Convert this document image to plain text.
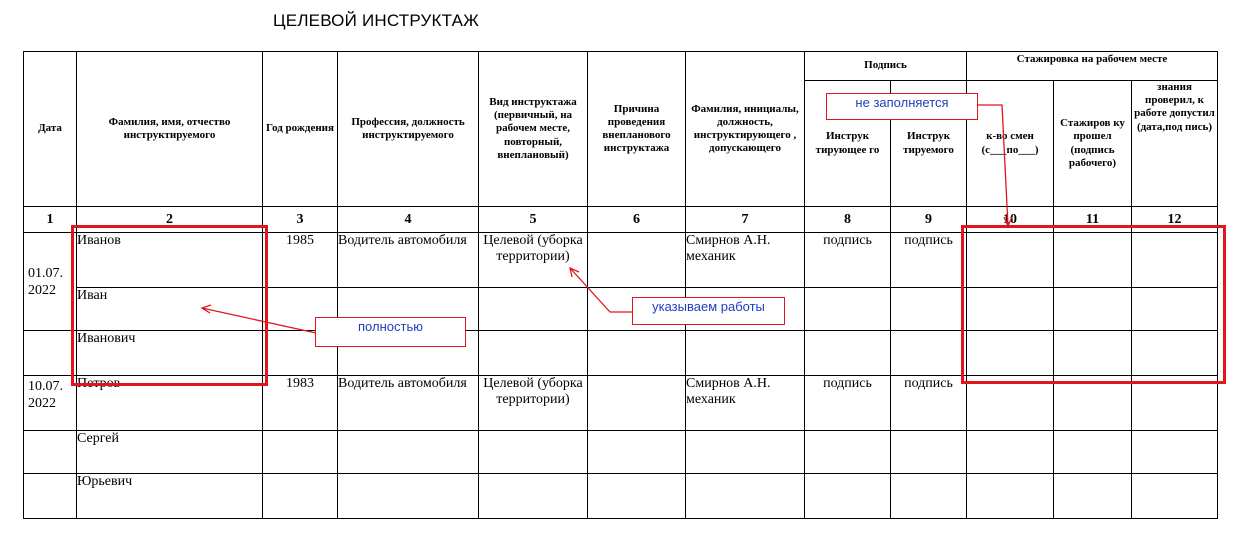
ЦЕЛЕВОЙ ИНСТРУКТАЖ
Дата	Фамилия, имя, отчество инструктируемого	Год рождения	Профессия, должность инструктируемого	Вид инструктажа (первичный, на рабочем месте, повторный, внеплановый)	Причина проведения внепланового инструктажа	Фамилия, инициалы, должность, инструктирующего , допускающего	Подпись		Стажировка на рабочем месте		
							Инструк тирующее го	Инструк тируемого	к-во смен (с___по___)	Стажиров ку прошел (подпись рабочего)	знания проверил, к работе допустил (дата,под пись)
1	2	3	4	5	6	7	8	9	10	11	12
01.07. 2022	Иванов	1985	Водитель автомобиля	Целевой (уборка территории)		Смирнов А.Н. механик	подпись	подпись			
	Иван										
	Иванович										
10.07. 2022	Петров	1983	Водитель автомобиля	Целевой (уборка территории)		Смирнов А.Н. механик	подпись	подпись			
	Сергей										
	Юрьевич										
полностью
указываем работы
не заполняется
